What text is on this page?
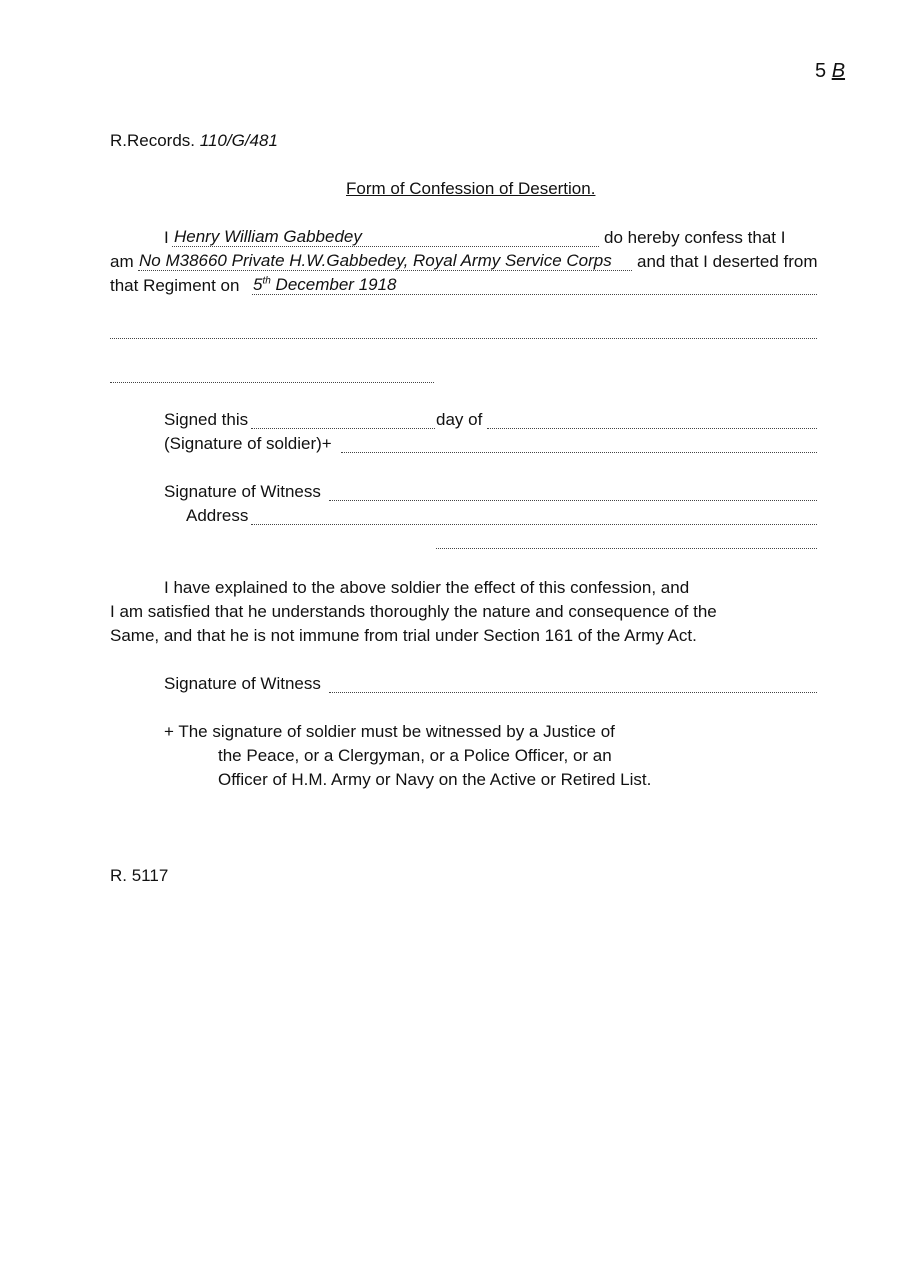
5 B
R.Records. 110/G/481
Form of Confession of Desertion.
I Henry William Gabbedey	do hereby confess that I
am No M38660 Private H.W.Gabbedey, Royal Army Service Corps and that I deserted from
that Regiment on 5th December 1918
Signed this	day of
(Signature of soldier)+
Signature of Witness
Address
I have explained to the above soldier the effect of this confession, and
I am satisfied that he understands thoroughly the nature and consequence of the
Same, and that he is not immune from trial under Section 161 of the Army Act.
Signature of Witness
+ The signature of soldier must be witnessed by a Justice of
the Peace, or a Clergyman, or a Police Officer, or an
Officer of H.M. Army or Navy on the Active or Retired List.
R. 5117
